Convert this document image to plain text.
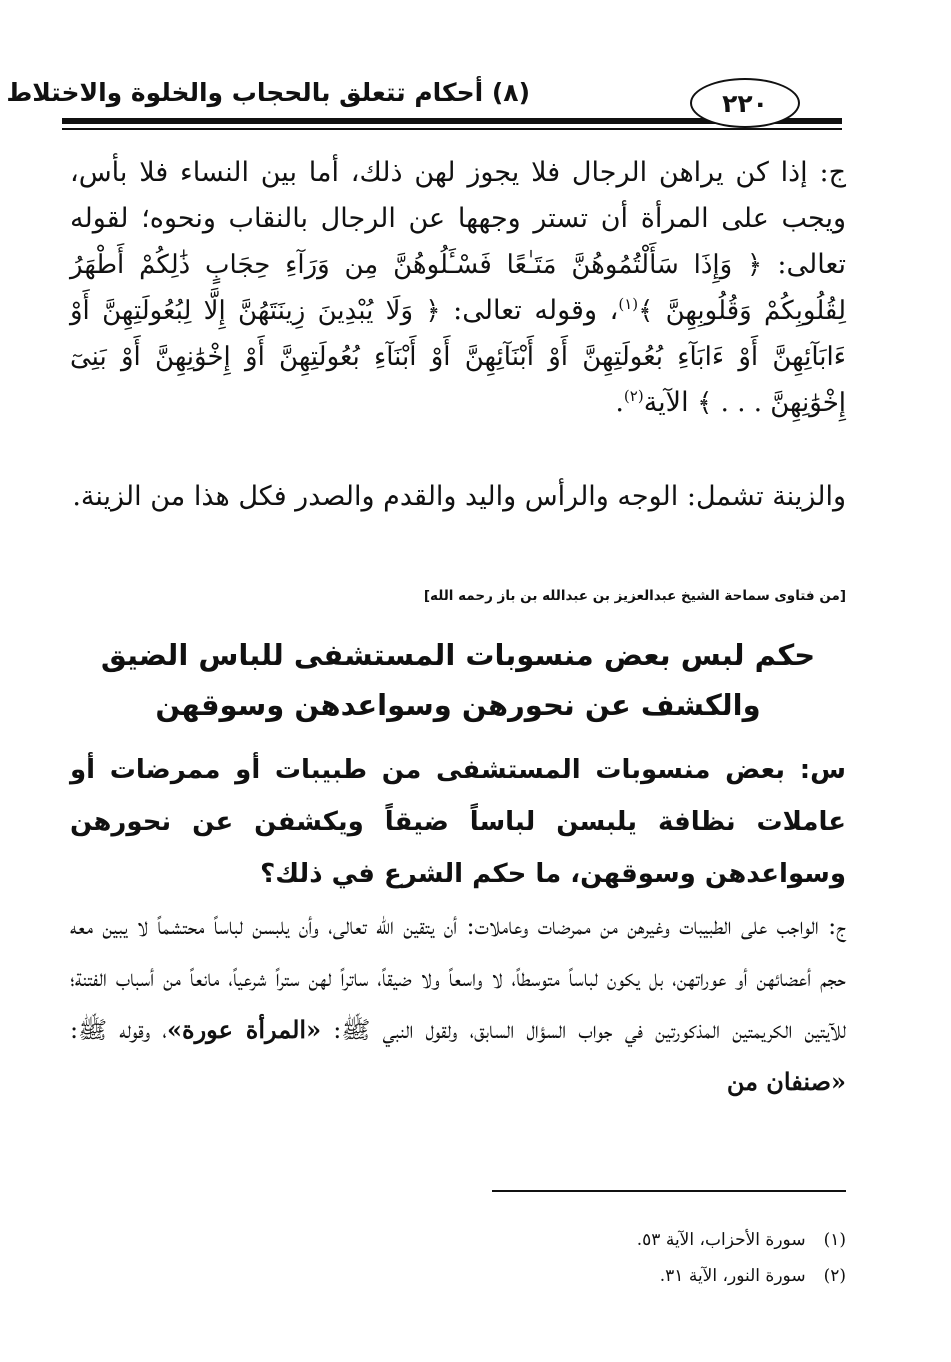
٢٢٠
(٨) أحكام تتعلق بالحجاب والخلوة والاختلاط
ج: إذا كن يراهن الرجال فلا يجوز لهن ذلك، أما بين النساء فلا بأس، ويجب على المرأة أن تستر وجهها عن الرجال بالنقاب ونحوه؛ لقوله تعالى: ﴿ وَإِذَا سَأَلْتُمُوهُنَّ مَتَـٰعًا فَسْـَٔلُوهُنَّ مِن وَرَآءِ حِجَابٍ ذَٰلِكُمْ أَطْهَرُ لِقُلُوبِكُمْ وَقُلُوبِهِنَّ ﴾$^{(١)}$، وقوله تعالى: ﴿ وَلَا يُبْدِينَ زِينَتَهُنَّ إِلَّا لِبُعُولَتِهِنَّ أَوْ ءَابَآئِهِنَّ أَوْ ءَابَآءِ بُعُولَتِهِنَّ أَوْ أَبْنَآئِهِنَّ أَوْ أَبْنَآءِ بُعُولَتِهِنَّ أَوْ إِخْوَٰنِهِنَّ أَوْ بَنِىٓ إِخْوَٰنِهِنَّ . . . ﴾ الآية$^{(٢)}$.
والزينة تشمل: الوجه والرأس واليد والقدم والصدر فكل هذا من الزينة.
[من فتاوى سماحة الشيخ عبدالعزيز بن عبدالله بن باز رحمه الله]
حكم لبس بعض منسوبات المستشفى للباس الضيق
والكشف عن نحورهن وسواعدهن وسوقهن
س: بعض منسوبات المستشفى من طبيبات أو ممرضات أو عاملات نظافة يلبسن لباساً ضيقاً ويكشفن عن نحورهن وسواعدهن وسوقهن، ما حكم الشرع في ذلك؟
ج: الواجب على الطبيبات وغيرهن من ممرضات وعاملات: أن يتقين الله تعالى، وأن يلبسن لباساً محتشماً لا يبين معه حجم أعضائهن أو عوراتهن، بل يكون لباساً متوسطاً، لا واسعاً ولا ضيقاً، ساتراً لهن ستراً شرعياً، مانعاً من أسباب الفتنة؛ للآيتين الكريمتين المذكورتين في جواب السؤال السابق، ولقول النبي ﷺ: «المرأة عورة»، وقوله ﷺ: «صنفان من
(١)سورة الأحزاب، الآية ٥٣.
(٢)سورة النور، الآية ٣١.
